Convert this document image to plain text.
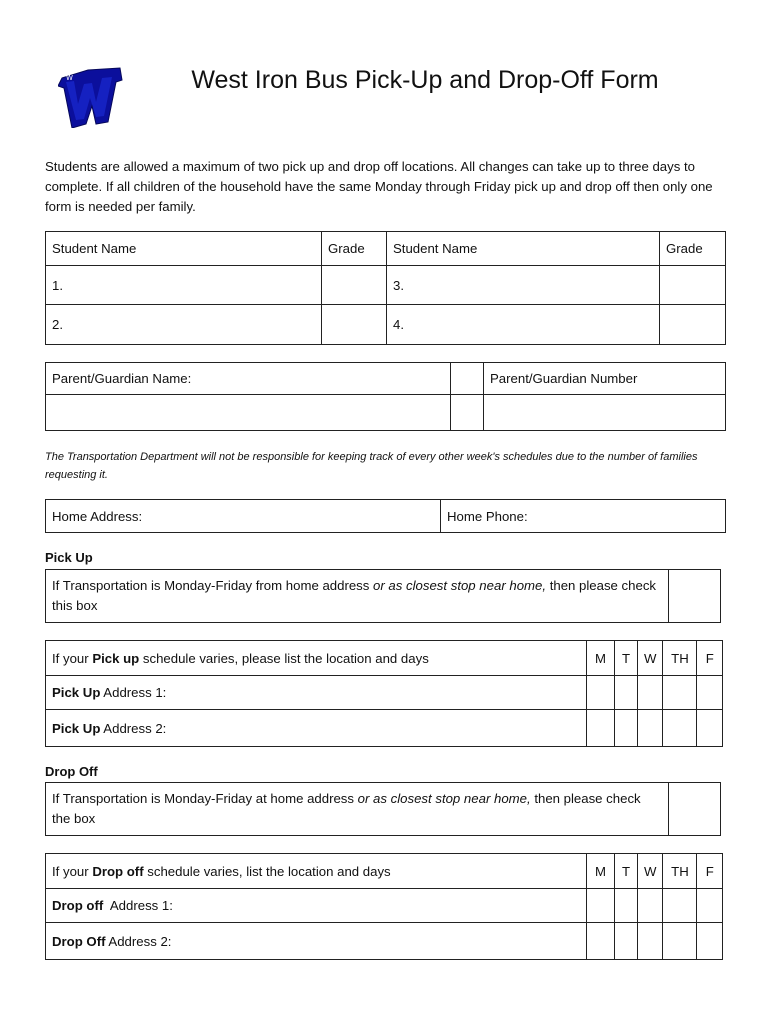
W	West Iron Bus Pick-Up and Drop-Off Form
Students are allowed a maximum of two pick up and drop off locations. All changes can take up to three days to complete. If all children of the household have the same Monday through Friday pick up and drop off then only one form is needed per family.
Student Name	Grade	Student Name	Grade
1.		3.	
2.		4.	
Parent/Guardian Name:		Parent/Guardian Number

The Transportation Department will not be responsible for keeping track of every other week's schedules due to the number of families requesting it.
Home Address:	Home Phone:
Pick Up
If Transportation is Monday-Friday from home address or as closest stop near home, then please check this box	
If your Pick up schedule varies, please list the location and days	M	T	W	TH	F
Pick Up Address 1:					
Pick Up Address 2:					
Drop Off
If Transportation is Monday-Friday at home address or as closest stop near home, then please check the box	
If your Drop off schedule varies, list the location and days	M	T	W	TH	F
Drop off  Address 1:					
Drop Off Address 2:					
